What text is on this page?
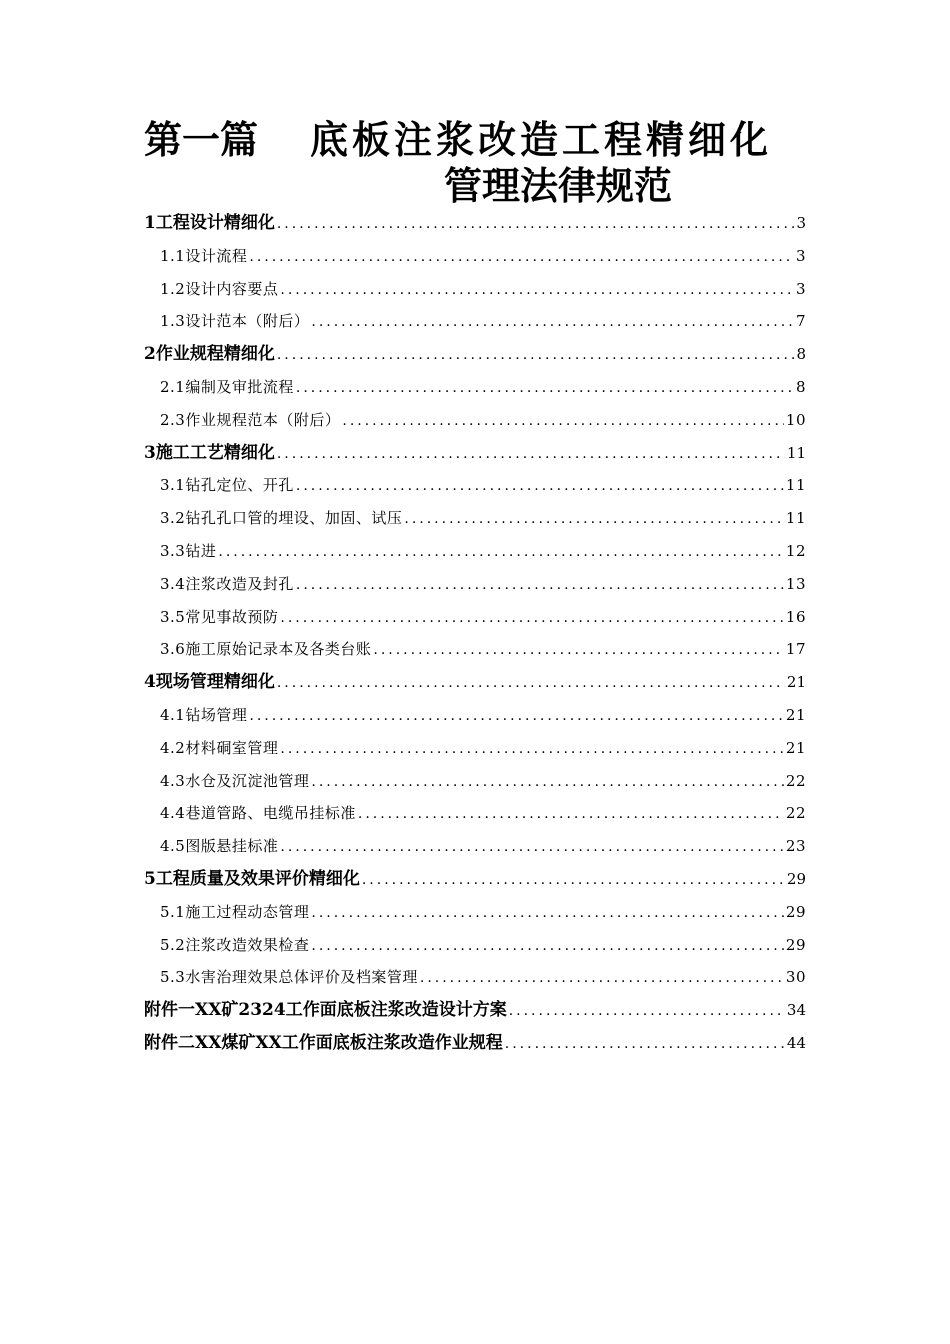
第一篇 底板注浆改造工程精细化
管理法律规范
1 工程设计精细化 .....	3
1.1 设计流程 .....	3
1.2 设计内容要点 .....	3
1.3 设计范本（附后） .....	7
2 作业规程精细化 .....	8
2.1 编制及审批流程 .....	8
2.3 作业规程范本（附后） .....	10
3 施工工艺精细化 .....	11
3.1 钻孔定位、开孔 .....	11
3.2 钻孔孔口管的埋设、加固、试压 .....	11
3.3 钻进 .....	12
3.4 注浆改造及封孔 .....	13
3.5 常见事故预防 .....	16
3.6 施工原始记录本及各类台账 .....	17
4 现场管理精细化 .....	21
4.1 钻场管理 .....	21
4.2 材料硐室管理 .....	21
4.3 水仓及沉淀池管理 .....	22
4.4 巷道管路、电缆吊挂标准 .....	22
4.5 图版悬挂标准 .....	23
5 工程质量及效果评价精细化 .....	29
5.1 施工过程动态管理 .....	29
5.2 注浆改造效果检查 .....	29
5.3 水害治理效果总体评价及档案管理 .....	30
附件一 XX矿2324工作面底板注浆改造设计方案 .....	34
附件二 XX煤矿XX工作面底板注浆改造作业规程 .....	44
